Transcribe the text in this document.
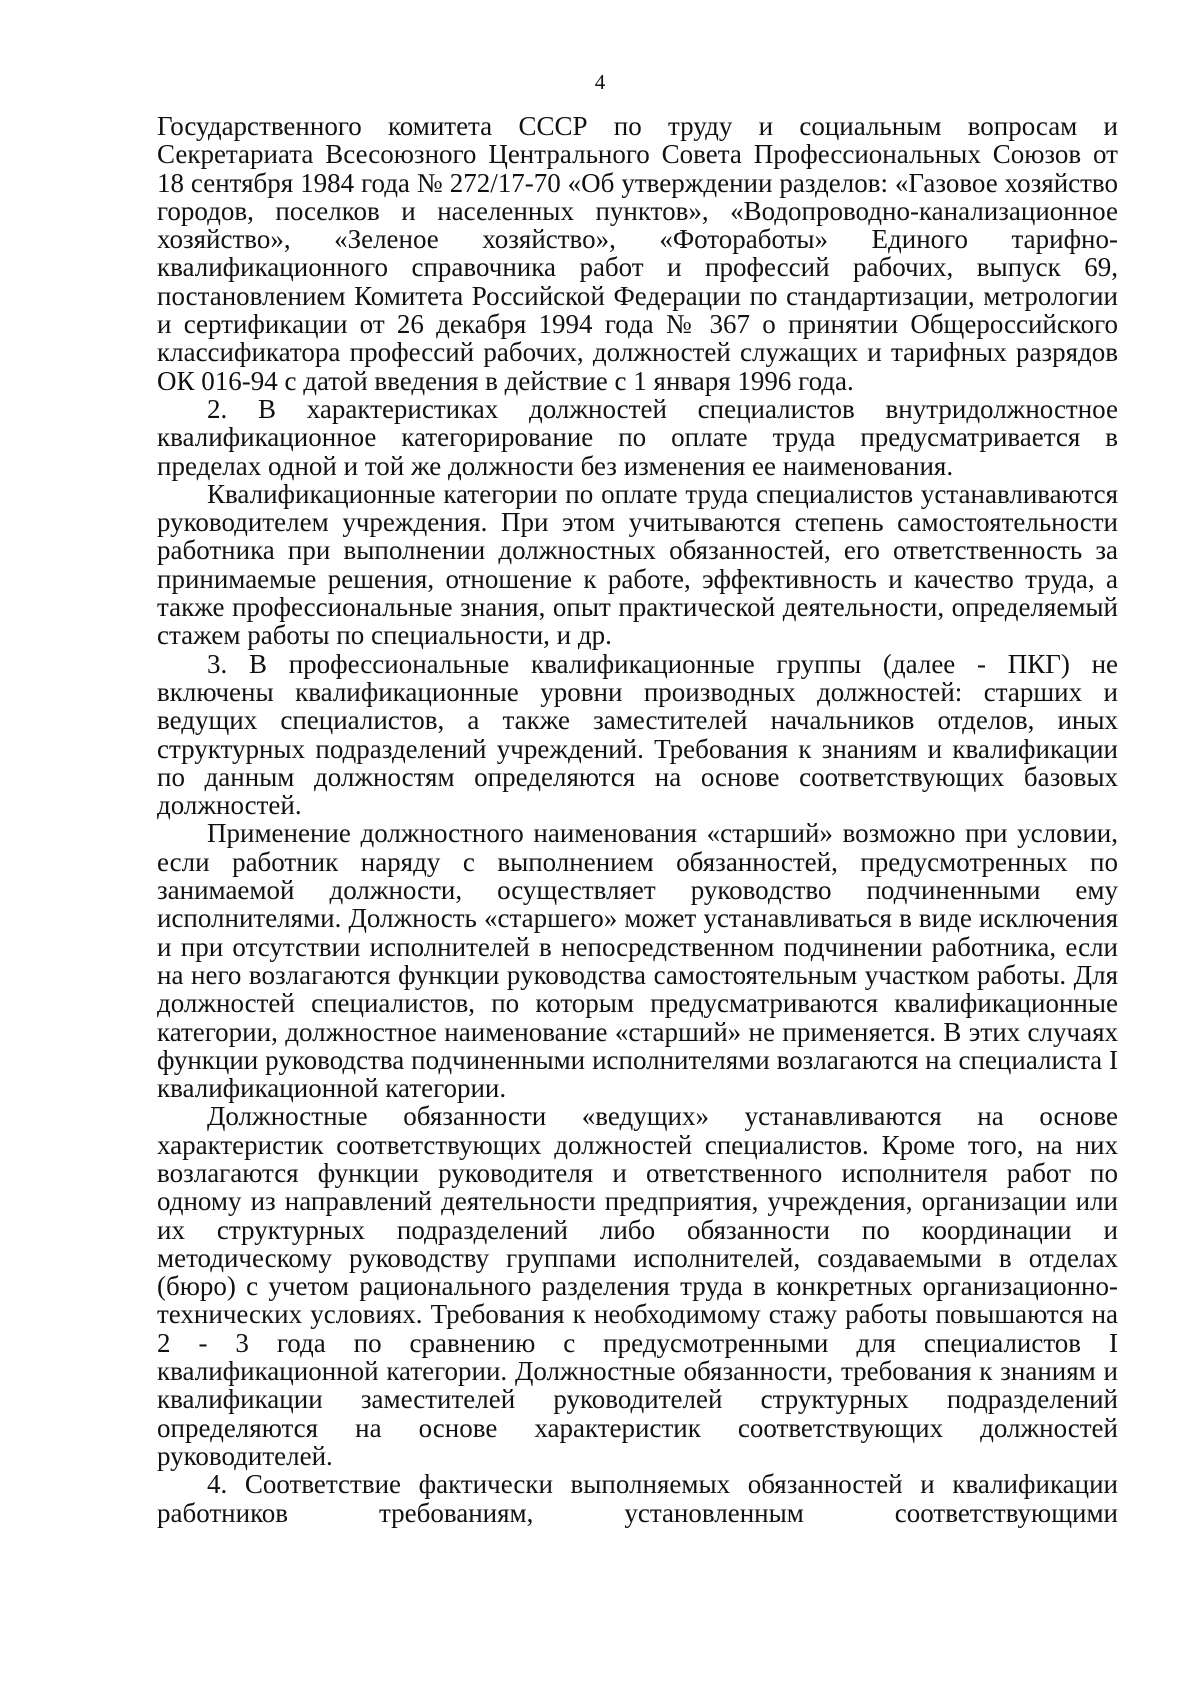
4

Государственного комитета СССР по труду и социальным вопросам и Секретариата Всесоюзного Центрального Совета Профессиональных Союзов от 18 сентября 1984 года № 272/17-70 «Об утверждении разделов: «Газовое хозяйство городов, поселков и населенных пунктов», «Водопроводно-канализационное хозяйство», «Зеленое хозяйство», «Фотоработы» Единого тарифно-квалификационного справочника работ и профессий рабочих, выпуск 69, постановлением Комитета Российской Федерации по стандартизации, метрологии и сертификации от 26 декабря 1994 года № 367 о принятии Общероссийского классификатора профессий рабочих, должностей служащих и тарифных разрядов ОК 016-94 с датой введения в действие с 1 января 1996 года.

2. В характеристиках должностей специалистов внутридолжностное квалификационное категорирование по оплате труда предусматривается в пределах одной и той же должности без изменения ее наименования.

Квалификационные категории по оплате труда специалистов устанавливаются руководителем учреждения. При этом учитываются степень самостоятельности работника при выполнении должностных обязанностей, его ответственность за принимаемые решения, отношение к работе, эффективность и качество труда, а также профессиональные знания, опыт практической деятельности, определяемый стажем работы по специальности, и др.

3. В профессиональные квалификационные группы (далее - ПКГ) не включены квалификационные уровни производных должностей: старших и ведущих специалистов, а также заместителей начальников отделов, иных структурных подразделений учреждений. Требования к знаниям и квалификации по данным должностям определяются на основе соответствующих базовых должностей.

Применение должностного наименования «старший» возможно при условии, если работник наряду с выполнением обязанностей, предусмотренных по занимаемой должности, осуществляет руководство подчиненными ему исполнителями. Должность «старшего» может устанавливаться в виде исключения и при отсутствии исполнителей в непосредственном подчинении работника, если на него возлагаются функции руководства самостоятельным участком работы. Для должностей специалистов, по которым предусматриваются квалификационные категории, должностное наименование «старший» не применяется. В этих случаях функции руководства подчиненными исполнителями возлагаются на специалиста I квалификационной категории.

Должностные обязанности «ведущих» устанавливаются на основе характеристик соответствующих должностей специалистов. Кроме того, на них возлагаются функции руководителя и ответственного исполнителя работ по одному из направлений деятельности предприятия, учреждения, организации или их структурных подразделений либо обязанности по координации и методическому руководству группами исполнителей, создаваемыми в отделах (бюро) с учетом рационального разделения труда в конкретных организационно-технических условиях. Требования к необходимому стажу работы повышаются на 2 - 3 года по сравнению с предусмотренными для специалистов I квалификационной категории. Должностные обязанности, требования к знаниям и квалификации заместителей руководителей структурных подразделений определяются на основе характеристик соответствующих должностей руководителей.

4. Соответствие фактически выполняемых обязанностей и квалификации работников требованиям, установленным соответствующими
